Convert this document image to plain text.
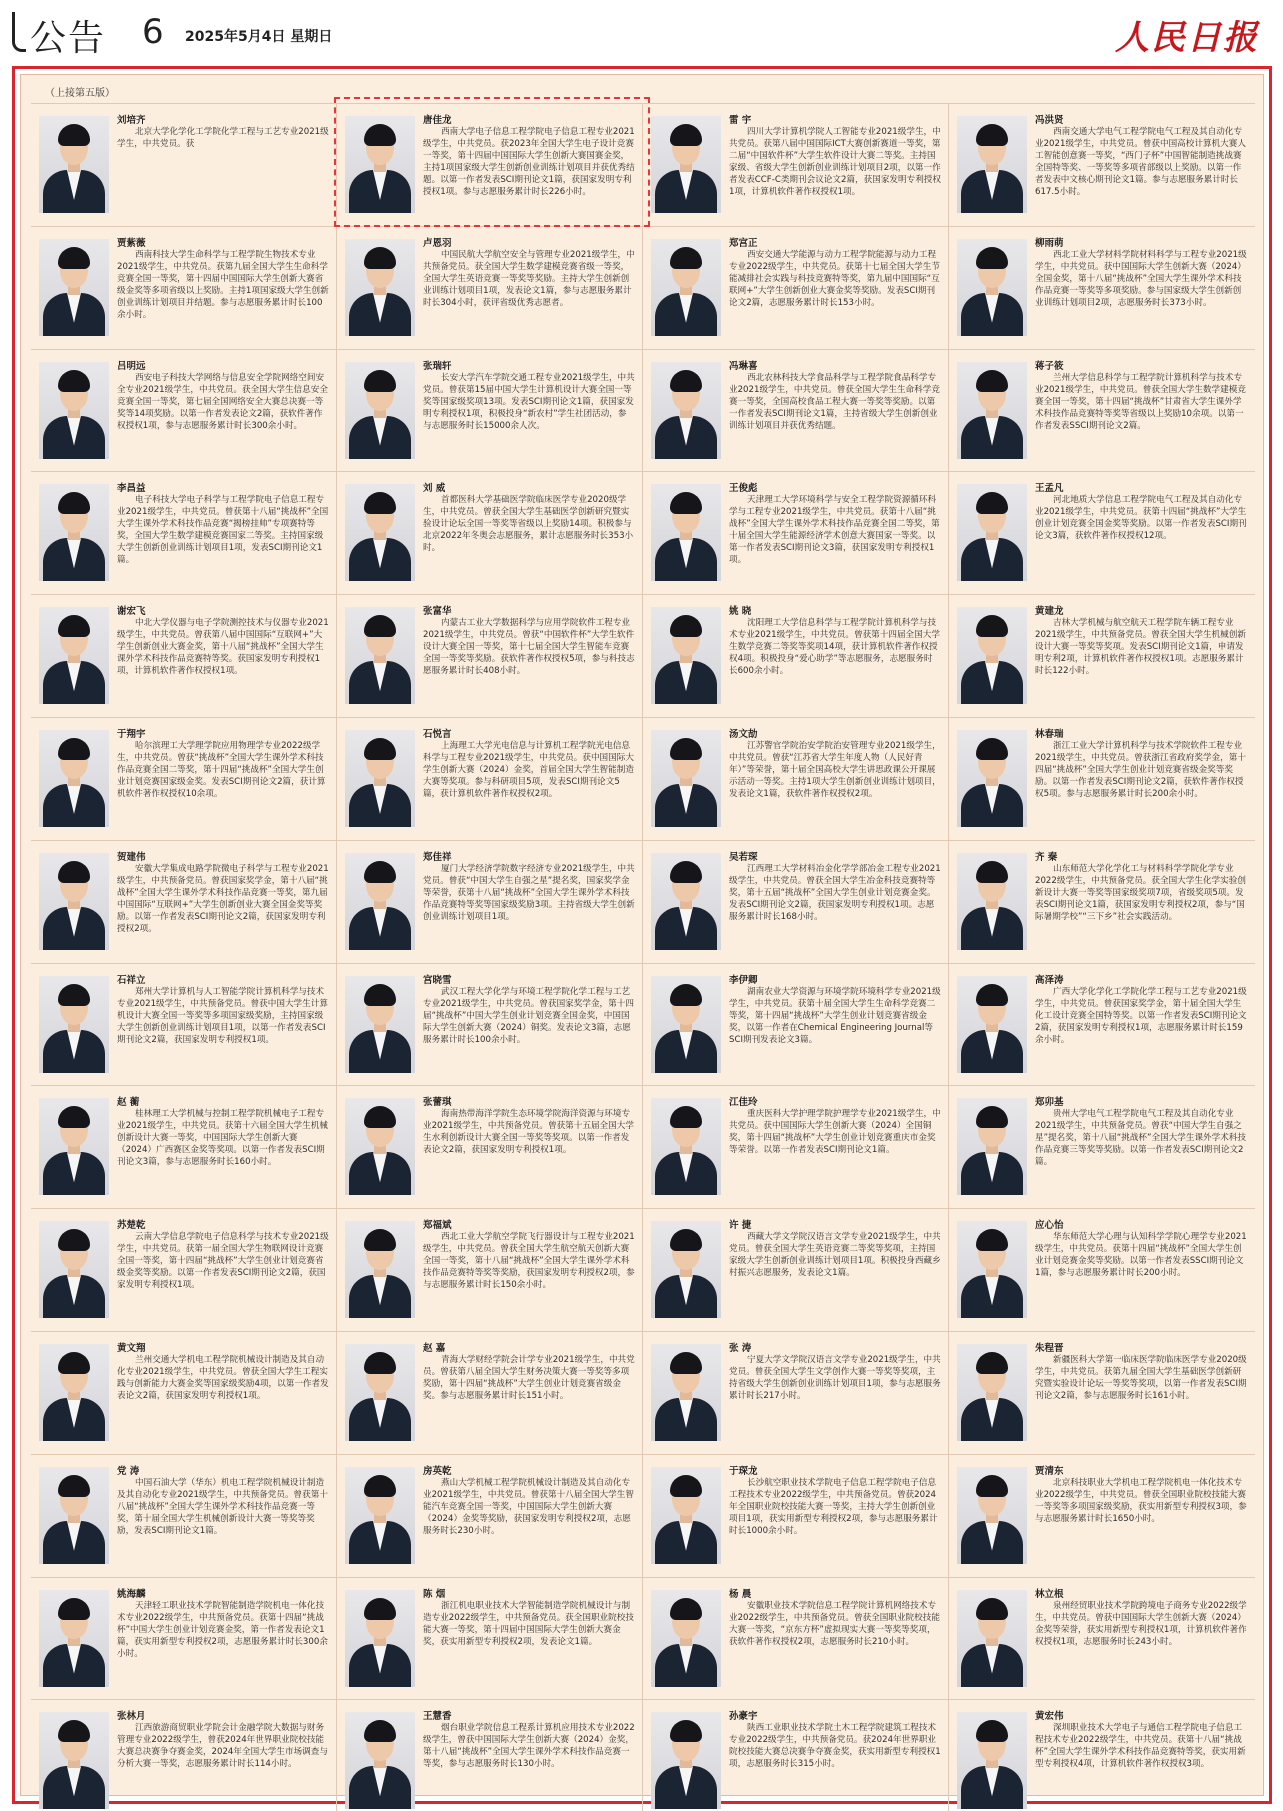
公告 6 2025年5月4日 星期日	人民日报
（上接第五版）
刘培齐
北京大学化学化工学院化学工程与工艺专业2021级学生，中共党员。获
唐佳龙
西南大学电子信息工程学院电子信息工程专业2021级学生，中共党员。获2023年全国大学生电子设计竞赛一等奖，第十四届中国国际大学生创新大赛国赛金奖，主持1项国家级大学生创新创业训练计划项目并获优秀结题。以第一作者发表SCI期刊论文1篇，获国家发明专利授权1项。参与志愿服务累计时长226小时。
雷 宇
四川大学计算机学院人工智能专业2021级学生，中共党员。获第八届中国国际ICT大赛创新赛道一等奖，第二届“中国软件杯”大学生软件设计大赛二等奖。主持国家级、省级大学生创新创业训练计划项目2项，以第一作者发表CCF-C类期刊会议论文2篇，获国家发明专利授权1项，计算机软件著作权授权1项。
冯洪贤
西南交通大学电气工程学院电气工程及其自动化专业2021级学生，中共党员。曾获中国高校计算机大赛人工智能创意赛一等奖，“西门子杯”中国智能制造挑战赛全国特等奖、一等奖等多项省部级以上奖励。以第一作者发表中文核心期刊论文1篇。参与志愿服务累计时长617.5小时。
贾紫薇
西南科技大学生命科学与工程学院生物技术专业2021级学生，中共党员。获第九届全国大学生生命科学竞赛全国一等奖，第十四届中国国际大学生创新大赛省级金奖等多项省级以上奖励。主持1项国家级大学生创新创业训练计划项目并结题。参与志愿服务累计时长100余小时。
卢恩羽
中国民航大学航空安全与管理专业2021级学生，中共预备党员。获全国大学生数学建模竞赛省级一等奖，全国大学生英语竞赛一等奖等奖励。主持大学生创新创业训练计划项目1项，发表论文1篇，参与志愿服务累计时长304小时，获评省级优秀志愿者。
郑宫正
西安交通大学能源与动力工程学院能源与动力工程专业2022级学生，中共党员。获第十七届全国大学生节能减排社会实践与科技竞赛特等奖，第九届中国国际“互联网+”大学生创新创业大赛金奖等奖励。发表SCI期刊论文2篇，志愿服务累计时长153小时。
柳雨萌
西北工业大学材料学院材料科学与工程专业2021级学生，中共党员。获中国国际大学生创新大赛（2024）全国金奖，第十八届“挑战杯”全国大学生课外学术科技作品竞赛一等奖等多项奖励。参与国家级大学生创新创业训练计划项目2项，志愿服务时长373小时。
吕明远
西安电子科技大学网络与信息安全学院网络空间安全专业2021级学生，中共党员。获全国大学生信息安全竞赛全国一等奖，第七届全国网络安全大赛总决赛一等奖等14项奖励。以第一作者发表论文2篇，获软件著作权授权1项，参与志愿服务累计时长300余小时。
张瑞轩
长安大学汽车学院交通工程专业2021级学生，中共党员。曾获第15届中国大学生计算机设计大赛全国一等奖等国家级奖项13项。发表SCI期刊论文1篇，获国家发明专利授权1项，积极投身“新农村”学生社团活动，参与志愿服务时长15000余人次。
冯琳喜
西北农林科技大学食品科学与工程学院食品科学专业2021级学生，中共党员。曾获全国大学生生命科学竞赛一等奖，全国高校食品工程大赛一等奖等奖励。以第一作者发表SCI期刊论文1篇，主持省级大学生创新创业训练计划项目并获优秀结题。
蒋子筱
兰州大学信息科学与工程学院计算机科学与技术专业2021级学生，中共党员。曾获全国大学生数学建模竞赛全国一等奖，第十四届“挑战杯”甘肃省大学生课外学术科技作品竞赛特等奖等省级以上奖励10余项。以第一作者发表SSCI期刊论文2篇。
李昌益
电子科技大学电子科学与工程学院电子信息工程专业2021级学生，中共党员。曾获第十八届“挑战杯”全国大学生课外学术科技作品竞赛“揭榜挂帅”专项赛特等奖，全国大学生数学建模竞赛国家二等奖。主持国家级大学生创新创业训练计划项目1项，发表SCI期刊论文1篇。
刘 威
首都医科大学基础医学院临床医学专业2020级学生，中共党员。曾获全国大学生基础医学创新研究暨实验设计论坛全国一等奖等省级以上奖励14项。积极参与北京2022年冬奥会志愿服务，累计志愿服务时长353小时。
王俊彪
天津理工大学环境科学与安全工程学院资源循环科学与工程专业2021级学生，中共党员。获第十八届“挑战杯”全国大学生课外学术科技作品竞赛全国二等奖，第十届全国大学生能源经济学术创意大赛国家一等奖。以第一作者发表SCI期刊论文3篇，获国家发明专利授权1项。
王孟凡
河北地质大学信息工程学院电气工程及其自动化专业2021级学生，中共党员。获第十四届“挑战杯”大学生创业计划竞赛全国金奖等奖励。以第一作者发表SCI期刊论文3篇，获软件著作权授权12项。
谢宏飞
中北大学仪器与电子学院测控技术与仪器专业2021级学生，中共党员。曾获第八届中国国际“互联网+”大学生创新创业大赛金奖，第十八届“挑战杯”全国大学生课外学术科技作品竞赛特等奖。获国家发明专利授权1项，计算机软件著作权授权1项。
张富华
内蒙古工业大学数据科学与应用学院软件工程专业2021级学生，中共党员。曾获“中国软件杯”大学生软件设计大赛全国一等奖，第十七届全国大学生智能车竞赛全国一等奖等奖励。获软件著作权授权5项，参与科技志愿服务累计时长408小时。
姚 晓
沈阳理工大学信息科学与工程学院计算机科学与技术专业2021级学生，中共党员。曾获第十四届全国大学生数学竞赛二等奖等奖项14项，获计算机软件著作权授权4项。积极投身“爱心助学”等志愿服务，志愿服务时长600余小时。
黄建龙
吉林大学机械与航空航天工程学院车辆工程专业2021级学生，中共预备党员。曾获全国大学生机械创新设计大赛一等奖等奖项。发表SCI期刊论文1篇，申请发明专利2项，计算机软件著作权授权1项。志愿服务累计时长122小时。
于翔宇
哈尔滨理工大学理学院应用物理学专业2022级学生，中共党员。曾获“挑战杯”全国大学生课外学术科技作品竞赛全国二等奖，第十四届“挑战杯”全国大学生创业计划竞赛国家级金奖。发表SCI期刊论文2篇，获计算机软件著作权授权10余项。
石悦言
上海理工大学光电信息与计算机工程学院光电信息科学与工程专业2021级学生，中共党员。获中国国际大学生创新大赛（2024）金奖，首届全国大学生智能制造大赛等奖项。参与科研项目5项，发表SCI期刊论文5篇，获计算机软件著作权授权2项。
汤文劼
江苏警官学院治安学院治安管理专业2021级学生，中共党员。曾获“江苏省大学生年度人物（人民好青年）”等荣誉，第十届全国高校大学生讲思政课公开课展示活动一等奖。主持1项大学生创新创业训练计划项目，发表论文1篇，获软件著作权授权2项。
林春瑞
浙江工业大学计算机科学与技术学院软件工程专业2021级学生，中共党员。曾获浙江省政府奖学金，第十四届“挑战杯”全国大学生创业计划竞赛省级金奖等奖励。以第一作者发表SCI期刊论文2篇，获软件著作权授权5项。参与志愿服务累计时长200余小时。
贺建伟
安徽大学集成电路学院微电子科学与工程专业2021级学生，中共预备党员。曾获国家奖学金，第十八届“挑战杯”全国大学生课外学术科技作品竞赛一等奖，第九届中国国际“互联网+”大学生创新创业大赛全国金奖等奖励。以第一作者发表SCI期刊论文2篇，获国家发明专利授权2项。
郑佳祥
厦门大学经济学院数字经济专业2021级学生，中共党员。曾获“中国大学生自强之星”提名奖，国家奖学金等荣誉，获第十八届“挑战杯”全国大学生课外学术科技作品竞赛特等奖等国家级奖励3项。主持省级大学生创新创业训练计划项目1项。
吴若琛
江西理工大学材料冶金化学学部冶金工程专业2021级学生，中共党员。曾获全国大学生冶金科技竞赛特等奖，第十五届“挑战杯”全国大学生创业计划竞赛金奖。发表SCI期刊论文2篇，获国家发明专利授权1项。志愿服务累计时长168小时。
齐 秦
山东师范大学化学化工与材料科学学院化学专业2022级学生，中共预备党员。获全国大学生化学实验创新设计大赛一等奖等国家级奖项7项，省级奖项5项。发表SCI期刊论文1篇，获国家发明专利授权2项，参与“国际暑期学校”“三下乡”社会实践活动。
石祥立
郑州大学计算机与人工智能学院计算机科学与技术专业2021级学生，中共预备党员。曾获中国大学生计算机设计大赛全国一等奖等多项国家级奖励，主持国家级大学生创新创业训练计划项目1项，以第一作者发表SCI期刊论文2篇，获国家发明专利授权1项。
宫晓雪
武汉工程大学化学与环境工程学院化学工程与工艺专业2021级学生，中共党员。曾获国家奖学金，第十四届“挑战杯”中国大学生创业计划竞赛全国金奖，中国国际大学生创新大赛（2024）铜奖。发表论文3篇，志愿服务累计时长100余小时。
李伊卿
湖南农业大学资源与环境学院环境科学专业2021级学生，中共党员。获第十届全国大学生生命科学竞赛二等奖，第十四届“挑战杯”大学生创业计划竞赛省级金奖，以第一作者在Chemical Engineering Journal等SCI期刊发表论文3篇。
高泽涛
广西大学化学化工学院化学工程与工艺专业2021级学生，中共党员。曾获国家奖学金，第十届全国大学生化工设计竞赛全国特等奖。以第一作者发表SCI期刊论文2篇，获国家发明专利授权1项，志愿服务累计时长159余小时。
赵 蘅
桂林理工大学机械与控制工程学院机械电子工程专业2021级学生，中共党员。获第十六届全国大学生机械创新设计大赛一等奖，中国国际大学生创新大赛（2024）广西赛区金奖等奖项。以第一作者发表SCI期刊论文3篇，参与志愿服务时长160小时。
张蕾琪
海南热带海洋学院生态环境学院海洋资源与环境专业2021级学生，中共预备党员。曾获第十五届全国大学生水利创新设计大赛全国一等奖等奖项。以第一作者发表论文2篇，获国家发明专利授权1项。
江佳玲
重庆医科大学护理学院护理学专业2021级学生，中共党员。获中国国际大学生创新大赛（2024）全国铜奖，第十四届“挑战杯”大学生创业计划竞赛重庆市金奖等荣誉。以第一作者发表SCI期刊论文1篇。
郑卯基
贵州大学电气工程学院电气工程及其自动化专业2021级学生，中共预备党员。曾获“中国大学生自强之星”提名奖，第十八届“挑战杯”全国大学生课外学术科技作品竞赛三等奖等奖励。以第一作者发表SCI期刊论文2篇。
苏楚乾
云南大学信息学院电子信息科学与技术专业2021级学生，中共党员。获第一届全国大学生物联网设计竞赛全国一等奖，第十四届“挑战杯”大学生创业计划竞赛省级金奖等奖励。以第一作者发表SCI期刊论文2篇，获国家发明专利授权1项。
郑福斌
西北工业大学航空学院飞行器设计与工程专业2021级学生，中共党员。曾获全国大学生航空航天创新大赛全国一等奖，第十八届“挑战杯”全国大学生课外学术科技作品竞赛特等奖等奖励，获国家发明专利授权2项，参与志愿服务累计时长150余小时。
许 捷
西藏大学文学院汉语言文学专业2021级学生，中共党员。曾获全国大学生英语竞赛二等奖等奖项，主持国家级大学生创新创业训练计划项目1项。积极投身西藏乡村振兴志愿服务，发表论文1篇。
应心怡
华东师范大学心理与认知科学学院心理学专业2021级学生，中共党员。获第十四届“挑战杯”全国大学生创业计划竞赛金奖等奖励。以第一作者发表SSCI期刊论文1篇，参与志愿服务累计时长200小时。
黄文翔
兰州交通大学机电工程学院机械设计制造及其自动化专业2021级学生，中共党员。曾获全国大学生工程实践与创新能力大赛金奖等国家级奖励4项，以第一作者发表论文2篇，获国家发明专利授权1项。
赵 嘉
青海大学财经学院会计学专业2021级学生，中共党员。曾获第八届全国大学生财务决策大赛一等奖等多项奖励，第十四届“挑战杯”大学生创业计划竞赛省级金奖。参与志愿服务累计时长151小时。
张 涛
宁夏大学文学院汉语言文学专业2021级学生，中共党员。曾获全国大学生文学创作大赛一等奖等奖项，主持省级大学生创新创业训练计划项目1项，参与志愿服务累计时长217小时。
朱程晋
新疆医科大学第一临床医学院临床医学专业2020级学生，中共党员。获第九届全国大学生基础医学创新研究暨实验设计论坛一等奖等奖项，以第一作者发表SCI期刊论文2篇，参与志愿服务时长161小时。
党 涛
中国石油大学（华东）机电工程学院机械设计制造及其自动化专业2021级学生，中共预备党员。曾获第十八届“挑战杯”全国大学生课外学术科技作品竞赛一等奖，第十届全国大学生机械创新设计大赛一等奖等奖励，发表SCI期刊论文1篇。
房英乾
燕山大学机械工程学院机械设计制造及其自动化专业2021级学生，中共党员。曾获第十八届全国大学生智能汽车竞赛全国一等奖，中国国际大学生创新大赛（2024）金奖等奖励，获国家发明专利授权2项，志愿服务时长230小时。
于琛龙
长沙航空职业技术学院电子信息工程学院电子信息工程技术专业2022级学生，中共预备党员。曾获2024年全国职业院校技能大赛一等奖，主持大学生创新创业项目1项，获实用新型专利授权2项，参与志愿服务累计时长1000余小时。
贾清东
北京科技职业大学机电工程学院机电一体化技术专业2022级学生，中共党员。曾获全国职业院校技能大赛一等奖等多项国家级奖励，获实用新型专利授权3项，参与志愿服务累计时长1650小时。
姚海麟
天津轻工职业技术学院智能制造学院机电一体化技术专业2022级学生，中共预备党员。获第十四届“挑战杯”中国大学生创业计划竞赛金奖，第一作者发表论文1篇，获实用新型专利授权2项，志愿服务累计时长300余小时。
陈 烟
浙江机电职业技术大学智能制造学院机械设计与制造专业2022级学生，中共预备党员。获全国职业院校技能大赛一等奖，第十四届中国国际大学生创新大赛金奖，获实用新型专利授权2项，发表论文1篇。
杨 晨
安徽职业技术学院信息工程学院计算机网络技术专业2022级学生，中共预备党员。曾获全国职业院校技能大赛一等奖，“京东方杯”虚拟现实大赛一等奖等奖项，获软件著作权授权2项，志愿服务时长210小时。
林立根
泉州经贸职业技术学院跨境电子商务专业2022级学生，中共党员。曾获中国国际大学生创新大赛（2024）金奖等荣誉，获实用新型专利授权1项，计算机软件著作权授权1项，志愿服务时长243小时。
张林月
江西旅游商贸职业学院会计金融学院大数据与财务管理专业2022级学生，曾获2024年世界职业院校技能大赛总决赛争夺赛金奖，2024年全国大学生市场调查与分析大赛一等奖，志愿服务累计时长114小时。
王慧香
烟台职业学院信息工程系计算机应用技术专业2022级学生，曾获中国国际大学生创新大赛（2024）金奖，第十八届“挑战杯”全国大学生课外学术科技作品竞赛一等奖，参与志愿服务时长130小时。
孙豪宇
陕西工业职业技术学院土木工程学院建筑工程技术专业2022级学生，中共预备党员。获2024年世界职业院校技能大赛总决赛争夺赛金奖，获实用新型专利授权1项，志愿服务时长315小时。
黄宏伟
深圳职业技术大学电子与通信工程学院电子信息工程技术专业2022级学生，中共党员。获第十八届“挑战杯”全国大学生课外学术科技作品竞赛特等奖，获实用新型专利授权4项，计算机软件著作权授权3项。
